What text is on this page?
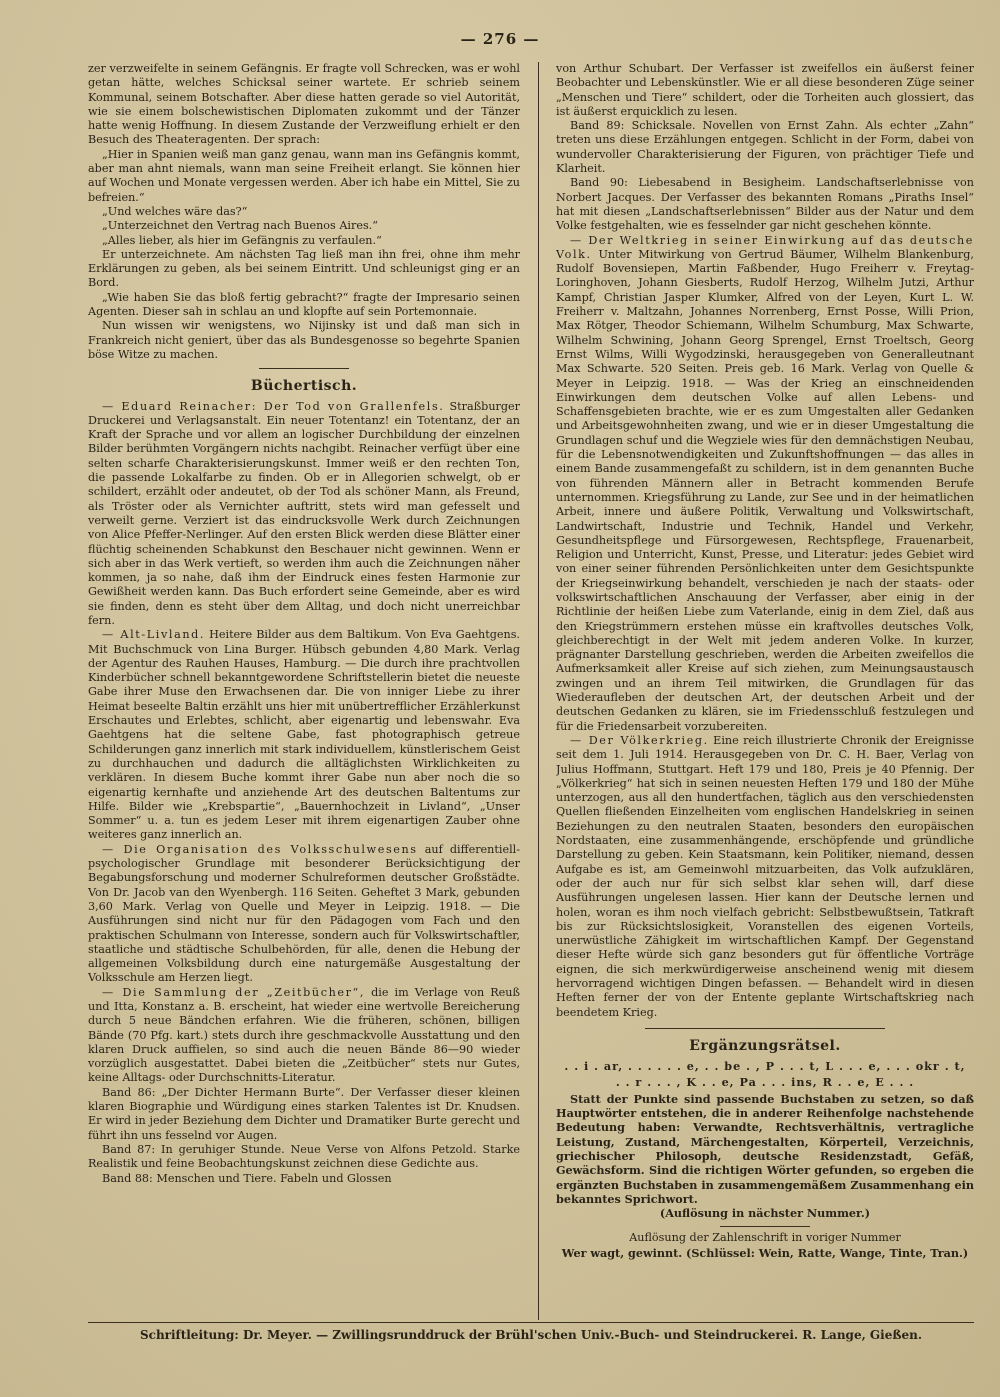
— 276 —

zer verzweifelte in seinem Gefängnis. Er fragte voll Schrecken, was er wohl getan hätte, welches Schicksal seiner wartete. Er schrieb seinem Kommunal, seinem Botschafter. Aber diese hatten gerade so viel Autorität, wie sie einem bolschewistischen Diplomaten zukommt und der Tänzer hatte wenig Hoffnung. In diesem Zustande der Verzweiflung erhielt er den Besuch des Theateragenten. Der sprach:

„Hier in Spanien weiß man ganz genau, wann man ins Gefängnis kommt, aber man ahnt niemals, wann man seine Freiheit erlangt. Sie können hier auf Wochen und Monate vergessen werden. Aber ich habe ein Mittel, Sie zu befreien.“

„Und welches wäre das?“

„Unterzeichnet den Vertrag nach Buenos Aires.“

„Alles lieber, als hier im Gefängnis zu verfaulen.“

Er unterzeichnete. Am nächsten Tag ließ man ihn frei, ohne ihm mehr Erklärungen zu geben, als bei seinem Eintritt. Und schleunigst ging er an Bord.

„Wie haben Sie das bloß fertig gebracht?“ fragte der Impresario seinen Agenten. Dieser sah in schlau an und klopfte auf sein Portemonnaie.

Nun wissen wir wenigstens, wo Nijinsky ist und daß man sich in Frankreich nicht geniert, über das als Bundesgenosse so begehrte Spanien böse Witze zu machen.

Büchertisch.

— Eduard Reinacher: Der Tod von Grallenfels. Straßburger Druckerei und Verlagsanstalt. Ein neuer Totentanz! ein Totentanz, der an Kraft der Sprache und vor allem an logischer Durchbildung der einzelnen Bilder berühmten Vorgängern nichts nachgibt. Reinacher verfügt über eine selten scharfe Charakterisierungskunst. Immer weiß er den rechten Ton, die passende Lokalfarbe zu finden. Ob er in Allegorien schwelgt, ob er schildert, erzählt oder andeutet, ob der Tod als schöner Mann, als Freund, als Tröster oder als Vernichter auftritt, stets wird man gefesselt und verweilt gerne. Verziert ist das eindrucksvolle Werk durch Zeichnungen von Alice Pfeffer-Nerlinger. Auf den ersten Blick werden diese Blätter einer flüchtig scheinenden Schabkunst den Beschauer nicht gewinnen. Wenn er sich aber in das Werk vertieft, so werden ihm auch die Zeichnungen näher kommen, ja so nahe, daß ihm der Eindruck eines festen Harmonie zur Gewißheit werden kann. Das Buch erfordert seine Gemeinde, aber es wird sie finden, denn es steht über dem Alltag, und doch nicht unerreichbar fern.

— Alt-Livland. Heitere Bilder aus dem Baltikum. Von Eva Gaehtgens. Mit Buchschmuck von Lina Burger. Hübsch gebunden 4,80 Mark. Verlag der Agentur des Rauhen Hauses, Hamburg. — Die durch ihre prachtvollen Kinderbücher schnell bekanntgewordene Schriftstellerin bietet die neueste Gabe ihrer Muse den Erwachsenen dar. Die von inniger Liebe zu ihrer Heimat beseelte Baltin erzählt uns hier mit unübertrefflicher Erzählerkunst Erschautes und Erlebtes, schlicht, aber eigenartig und lebenswahr. Eva Gaehtgens hat die seltene Gabe, fast photographisch getreue Schilderungen ganz innerlich mit stark individuellem, künstlerischem Geist zu durchhauchen und dadurch die alltäglichsten Wirklichkeiten zu verklären. In diesem Buche kommt ihrer Gabe nun aber noch die so eigenartig kernhafte und anziehende Art des deutschen Baltentums zur Hilfe. Bilder wie „Krebspartie“, „Bauernhochzeit in Livland“, „Unser Sommer“ u. a. tun es jedem Leser mit ihrem eigenartigen Zauber ohne weiteres ganz innerlich an.

— Die Organisation des Volksschulwesens auf differentiell-psychologischer Grundlage mit besonderer Berücksichtigung der Begabungsforschung und moderner Schulreformen deutscher Großstädte. Von Dr. Jacob van den Wyenbergh. 116 Seiten. Geheftet 3 Mark, gebunden 3,60 Mark. Verlag von Quelle und Meyer in Leipzig. 1918. — Die Ausführungen sind nicht nur für den Pädagogen vom Fach und den praktischen Schulmann von Interesse, sondern auch für Volkswirtschaftler, staatliche und städtische Schulbehörden, für alle, denen die Hebung der allgemeinen Volksbildung durch eine naturgemäße Ausgestaltung der Volksschule am Herzen liegt.

— Die Sammlung der „Zeitbücher“, die im Verlage von Reuß und Itta, Konstanz a. B. erscheint, hat wieder eine wertvolle Bereicherung durch 5 neue Bändchen erfahren. Wie die früheren, schönen, billigen Bände (70 Pfg. kart.) stets durch ihre geschmackvolle Ausstattung und den klaren Druck auffielen, so sind auch die neuen Bände 86—90 wieder vorzüglich ausgestattet. Dabei bieten die „Zeitbücher“ stets nur Gutes, keine Alltags- oder Durchschnitts-Literatur.

Band 86: „Der Dichter Hermann Burte“. Der Verfasser dieser kleinen klaren Biographie und Würdigung eines starken Talentes ist Dr. Knudsen. Er wird in jeder Beziehung dem Dichter und Dramatiker Burte gerecht und führt ihn uns fesselnd vor Augen.

Band 87: In geruhiger Stunde. Neue Verse von Alfons Petzold. Starke Realistik und feine Beobachtungskunst zeichnen diese Gedichte aus.

Band 88: Menschen und Tiere. Fabeln und Glossen

von Arthur Schubart. Der Verfasser ist zweifellos ein äußerst feiner Beobachter und Lebenskünstler. Wie er all diese besonderen Züge seiner „Menschen und Tiere“ schildert, oder die Torheiten auch glossiert, das ist äußerst erquicklich zu lesen.

Band 89: Schicksale. Novellen von Ernst Zahn. Als echter „Zahn“ treten uns diese Erzählungen entgegen. Schlicht in der Form, dabei von wundervoller Charakterisierung der Figuren, von prächtiger Tiefe und Klarheit.

Band 90: Liebesabend in Besigheim. Landschaftserlebnisse von Norbert Jacques. Der Verfasser des bekannten Romans „Piraths Insel“ hat mit diesen „Landschaftserlebnissen“ Bilder aus der Natur und dem Volke festgehalten, wie es fesselnder gar nicht geschehen könnte.

— Der Weltkrieg in seiner Einwirkung auf das deutsche Volk. Unter Mitwirkung von Gertrud Bäumer, Wilhelm Blankenburg, Rudolf Bovensiepen, Martin Faßbender, Hugo Freiherr v. Freytag-Loringhoven, Johann Giesberts, Rudolf Herzog, Wilhelm Jutzi, Arthur Kampf, Christian Jasper Klumker, Alfred von der Leyen, Kurt L. W. Freiherr v. Maltzahn, Johannes Norrenberg, Ernst Posse, Willi Prion, Max Rötger, Theodor Schiemann, Wilhelm Schumburg, Max Schwarte, Wilhelm Schwining, Johann Georg Sprengel, Ernst Troeltsch, Georg Ernst Wilms, Willi Wygodzinski, herausgegeben von Generalleutnant Max Schwarte. 520 Seiten. Preis geb. 16 Mark. Verlag von Quelle & Meyer in Leipzig. 1918. — Was der Krieg an einschneidenden Einwirkungen dem deutschen Volke auf allen Lebens- und Schaffensgebieten brachte, wie er es zum Umgestalten aller Gedanken und Arbeitsgewohnheiten zwang, und wie er in dieser Umgestaltung die Grundlagen schuf und die Wegziele wies für den demnächstigen Neubau, für die Lebensnotwendigkeiten und Zukunftshoffnungen — das alles in einem Bande zusammengefaßt zu schildern, ist in dem genannten Buche von führenden Männern aller in Betracht kommenden Berufe unternommen. Kriegsführung zu Lande, zur See und in der heimatlichen Arbeit, innere und äußere Politik, Verwaltung und Volkswirtschaft, Landwirtschaft, Industrie und Technik, Handel und Verkehr, Gesundheitspflege und Fürsorgewesen, Rechtspflege, Frauenarbeit, Religion und Unterricht, Kunst, Presse, und Literatur: jedes Gebiet wird von einer seiner führenden Persönlichkeiten unter dem Gesichtspunkte der Kriegseinwirkung behandelt, verschieden je nach der staats- oder volkswirtschaftlichen Anschauung der Verfasser, aber einig in der Richtlinie der heißen Liebe zum Vaterlande, einig in dem Ziel, daß aus den Kriegstrümmern erstehen müsse ein kraftvolles deutsches Volk, gleichberechtigt in der Welt mit jedem anderen Volke. In kurzer, prägnanter Darstellung geschrieben, werden die Arbeiten zweifellos die Aufmerksamkeit aller Kreise auf sich ziehen, zum Meinungsaustausch zwingen und an ihrem Teil mitwirken, die Grundlagen für das Wiederaufleben der deutschen Art, der deutschen Arbeit und der deutschen Gedanken zu klären, sie im Friedensschluß festzulegen und für die Friedensarbeit vorzubereiten.

— Der Völkerkrieg. Eine reich illustrierte Chronik der Ereignisse seit dem 1. Juli 1914. Herausgegeben von Dr. C. H. Baer, Verlag von Julius Hoffmann, Stuttgart. Heft 179 und 180, Preis je 40 Pfennig. Der „Völkerkrieg“ hat sich in seinen neuesten Heften 179 und 180 der Mühe unterzogen, aus all den hundertfachen, täglich aus den verschiedensten Quellen fließenden Einzelheiten vom englischen Handelskrieg in seinen Beziehungen zu den neutralen Staaten, besonders den europäischen Nordstaaten, eine zusammenhängende, erschöpfende und gründliche Darstellung zu geben. Kein Staatsmann, kein Politiker, niemand, dessen Aufgabe es ist, am Gemeinwohl mitzuarbeiten, das Volk aufzuklären, oder der auch nur für sich selbst klar sehen will, darf diese Ausführungen ungelesen lassen. Hier kann der Deutsche lernen und holen, woran es ihm noch vielfach gebricht: Selbstbewußtsein, Tatkraft bis zur Rücksichtslosigkeit, Voranstellen des eigenen Vorteils, unerwüstliche Zähigkeit im wirtschaftlichen Kampf. Der Gegenstand dieser Hefte würde sich ganz besonders gut für öffentliche Vorträge eignen, die sich merkwürdigerweise anscheinend wenig mit diesem hervorragend wichtigen Dingen befassen. — Behandelt wird in diesen Heften ferner der von der Entente geplante Wirtschaftskrieg nach beendetem Krieg.

Ergänzungsrätsel.
. . i . ar, . . . . . . e, . . be . , P . . . t, L . . . e, . . . okr . t,
. . r . . . , K . . e, Pa . . . ins, R . . e, E . . .

Statt der Punkte sind passende Buchstaben zu setzen, so daß Hauptwörter entstehen, die in anderer Reihenfolge nachstehende Bedeutung haben: Verwandte, Rechtsverhältnis, vertragliche Leistung, Zustand, Märchengestalten, Körperteil, Verzeichnis, griechischer Philosoph, deutsche Residenzstadt, Gefäß, Gewächsform. Sind die richtigen Wörter gefunden, so ergeben die ergänzten Buchstaben in zusammengemäßem Zusammenhang ein bekanntes Sprichwort.

(Auflösung in nächster Nummer.)

Auflösung der Zahlenschrift in voriger Nummer

Wer wagt, gewinnt. (Schlüssel: Wein, Ratte, Wange, Tinte, Tran.)

Schriftleitung: Dr. Meyer. — Zwillingsrunddruck der Brühl'schen Univ.-Buch- und Steindruckerei. R. Lange, Gießen.
